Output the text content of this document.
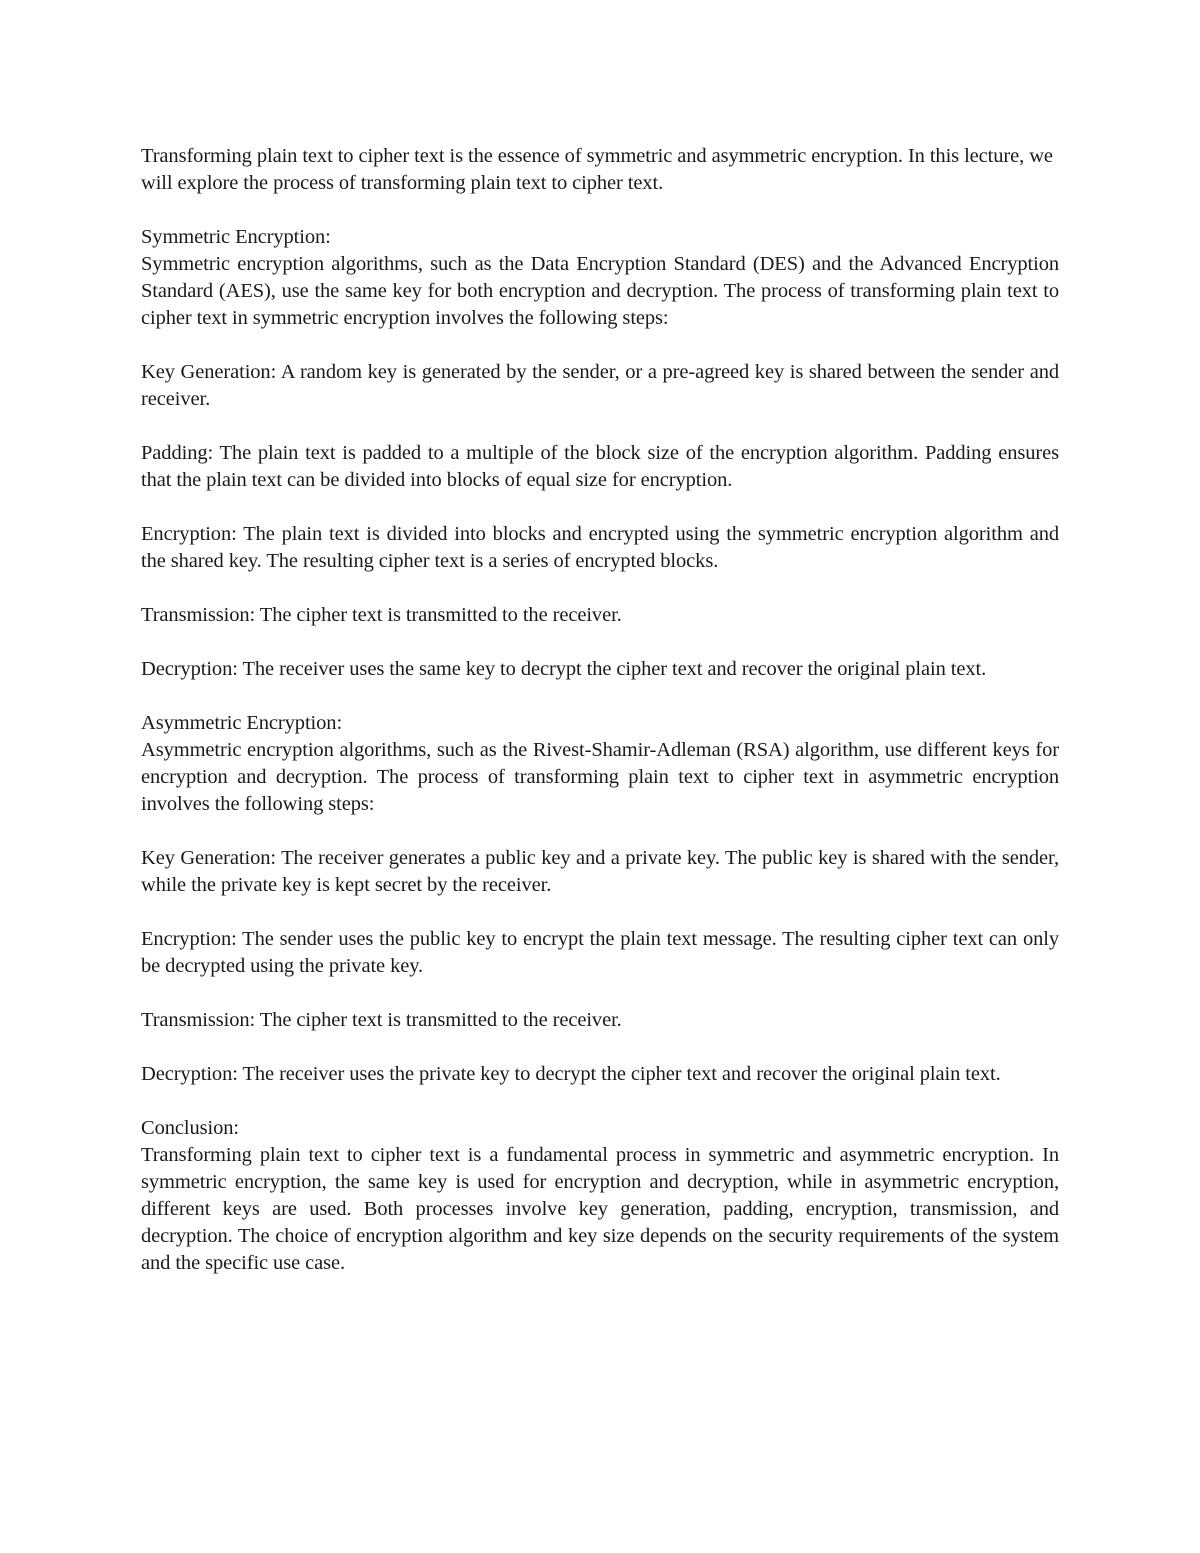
Transforming plain text to cipher text is the essence of symmetric and asymmetric encryption. In this lecture, we will explore the process of transforming plain text to cipher text.

Symmetric Encryption:

Symmetric encryption algorithms, such as the Data Encryption Standard (DES) and the Advanced Encryption Standard (AES), use the same key for both encryption and decryption. The process of transforming plain text to cipher text in symmetric encryption involves the following steps:

Key Generation: A random key is generated by the sender, or a pre-agreed key is shared between the sender and receiver.

Padding: The plain text is padded to a multiple of the block size of the encryption algorithm. Padding ensures that the plain text can be divided into blocks of equal size for encryption.

Encryption: The plain text is divided into blocks and encrypted using the symmetric encryption algorithm and the shared key. The resulting cipher text is a series of encrypted blocks.

Transmission: The cipher text is transmitted to the receiver.

Decryption: The receiver uses the same key to decrypt the cipher text and recover the original plain text.

Asymmetric Encryption:

Asymmetric encryption algorithms, such as the Rivest-Shamir-Adleman (RSA) algorithm, use different keys for encryption and decryption. The process of transforming plain text to cipher text in asymmetric encryption involves the following steps:

Key Generation: The receiver generates a public key and a private key. The public key is shared with the sender, while the private key is kept secret by the receiver.

Encryption: The sender uses the public key to encrypt the plain text message. The resulting cipher text can only be decrypted using the private key.

Transmission: The cipher text is transmitted to the receiver.

Decryption: The receiver uses the private key to decrypt the cipher text and recover the original plain text.

Conclusion:

Transforming plain text to cipher text is a fundamental process in symmetric and asymmetric encryption. In symmetric encryption, the same key is used for encryption and decryption, while in asymmetric encryption, different keys are used. Both processes involve key generation, padding, encryption, transmission, and decryption. The choice of encryption algorithm and key size depends on the security requirements of the system and the specific use case.
